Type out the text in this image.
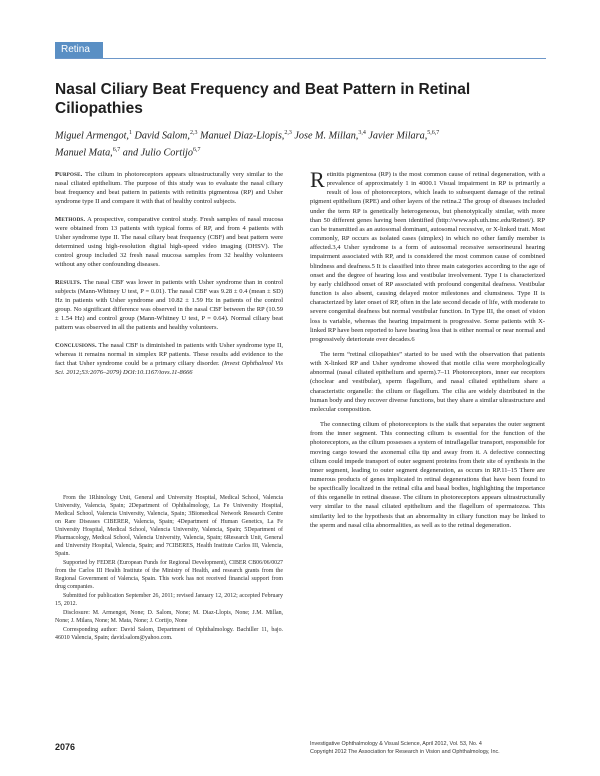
Retina
Nasal Ciliary Beat Frequency and Beat Pattern in Retinal Ciliopathies

Miguel Armengot,$^1$ David Salom,$^{2,3}$ Manuel Diaz-Llopis,$^{2,3}$ Jose M. Millan,$^{3,4}$ Javier Milara,$^{5,6,7}$
Manuel Mata,$^{6,7}$ and Julio Cortijo$^{6,7}$

Purpose. The cilium in photoreceptors appears ultrastructurally very similar to the nasal ciliated epithelium. The purpose of this study was to evaluate the nasal ciliary beat frequency and beat pattern in patients with retinitis pigmentosa (RP) and Usher syndrome type II and compare it with that of healthy control subjects.

Methods. A prospective, comparative control study. Fresh samples of nasal mucosa were obtained from 13 patients with typical forms of RP, and from 4 patients with Usher syndrome type II. The nasal ciliary beat frequency (CBF) and beat pattern were determined using high-resolution digital high-speed video imaging (DHSV). The control group included 32 fresh nasal mucosa samples from 32 healthy volunteers without any other confounding diseases.

Results. The nasal CBF was lower in patients with Usher syndrome than in control subjects (Mann-Whitney U test, P = 0.01). The nasal CBF was 9.28 ± 0.4 (mean ± SD) Hz in patients with Usher syndrome and 10.82 ± 1.59 Hz in patients of the control group. No significant difference was observed in the nasal CBF between the RP (10.59 ± 1.54 Hz) and control group (Mann-Whitney U test, P = 0.64). Normal ciliary beat pattern was observed in all the patients and healthy volunteers.

Conclusions. The nasal CBF is diminished in patients with Usher syndrome type II, whereas it remains normal in simplex RP patients. These results add evidence to the fact that Usher syndrome could be a primary ciliary disorder. (Invest Ophthalmol Vis Sci. 2012;53:2076–2079) DOI:10.1167/iovs.11-8666

From the 1Rhinology Unit, General and University Hospital, Medical School, Valencia University, Valencia, Spain; 2Department of Ophthalmology, La Fe University Hospital, Medical School, Valencia University, Valencia, Spain; 3Biomedical Network Research Centre on Rare Diseases CIBERER, Valencia, Spain; 4Department of Human Genetics, La Fe University Hospital, Medical School, Valencia University, Valencia, Spain; 5Department of Pharmacology, Medical School, Valencia University, Valencia, Spain; 6Research Unit, General and University Hospital, Valencia, Spain; and 7CIBERES, Health Institute Carlos III, Valencia, Spain.

Supported by FEDER (European Funds for Regional Development), CIBER CB06/06/0027 from the Carlos III Health Institute of the Ministry of Health, and research grants from the Regional Government of Valencia, Spain. This work has not received financial support from drug companies.

Submitted for publication September 26, 2011; revised January 12, 2012; accepted February 15, 2012.

Disclosure: M. Armengot, None; D. Salom, None; M. Diaz-Llopis, None; J.M. Millan, None; J. Milara, None; M. Mata, None; J. Cortijo, None

Corresponding author: David Salom, Department of Ophthalmology. Bachiller 11, bajo. 46010 Valencia, Spain; david.salom@yahoo.com.

Retinitis pigmentosa (RP) is the most common cause of retinal degeneration, with a prevalence of approximately 1 in 4000.1 Visual impairment in RP is primarily a result of loss of photoreceptors, which leads to subsequent damage of the retinal pigment epithelium (RPE) and other layers of the retina.2 The group of diseases included under the term RP is genetically heterogeneous, but phenotypically similar, with more than 50 different genes having been identified (http://www.sph.uth.tmc.edu/Retnet/). RP can be transmitted as an autosomal dominant, autosomal recessive, or X-linked trait. Most commonly, RP occurs as isolated cases (simplex) in which no other family member is affected.3,4 Usher syndrome is a form of autosomal recessive sensorineural hearing impairment associated with RP, and is considered the most common cause of combined blindness and deafness.5 It is classified into three main categories according to the age of onset and the degree of hearing loss and vestibular involvement. Type I is characterized by early childhood onset of RP associated with profound congenital deafness. Vestibular function is also absent, causing delayed motor milestones and clumsiness. Type II is characterized by later onset of RP, often in the late second decade of life, with moderate to severe congenital deafness but normal vestibular function. In Type III, the onset of vision loss is variable, whereas the hearing impairment is progressive. Some patients with X-linked RP have been reported to have hearing loss that is either normal or near normal and progressively deteriorate over decades.6

The term “retinal ciliopathies” started to be used with the observation that patients with X-linked RP and Usher syndrome showed that motile cilia were morphologically abnormal (nasal ciliated epithelium and sperm).7–11 Photoreceptors, inner ear receptors (choclear and vestibular), sperm flagellum, and nasal ciliated epithelium share a characteristic organelle: the cilium or flagellum. The cilia are widely distributed in the human body and they recover diverse functions, but they share a similar ultrastructure and molecular composition.

The connecting cilium of photoreceptors is the stalk that separates the outer segment from the inner segment. This connecting cilium is essential for the function of the photoreceptors, as the cilium possesses a system of intraflagellar transport, responsible for moving cargo toward the axonemal cilia tip and away from it. A defective connecting cilium could impede transport of outer segment proteins from their site of synthesis in the inner segment, leading to outer segment degeneration, as occurs in RP.11–15 There are numerous products of genes implicated in retinal degenerations that have been found to be specifically localized in the retinal cilia and basal bodies, highlighting the importance of this organelle in retinal disease. The cilium in photoreceptors appears ultrastructurally very similar to the nasal ciliated epithelium and the flagellum of spermatozoa. This similarity led to the hypothesis that an abnormality in ciliary function may be linked to the sperm and nasal cilia abnormalities, as well as to the retinal degeneration.

2076	Investigative Ophthalmology & Visual Science, April 2012, Vol. 53, No. 4
Copyright 2012 The Association for Research in Vision and Ophthalmology, Inc.
